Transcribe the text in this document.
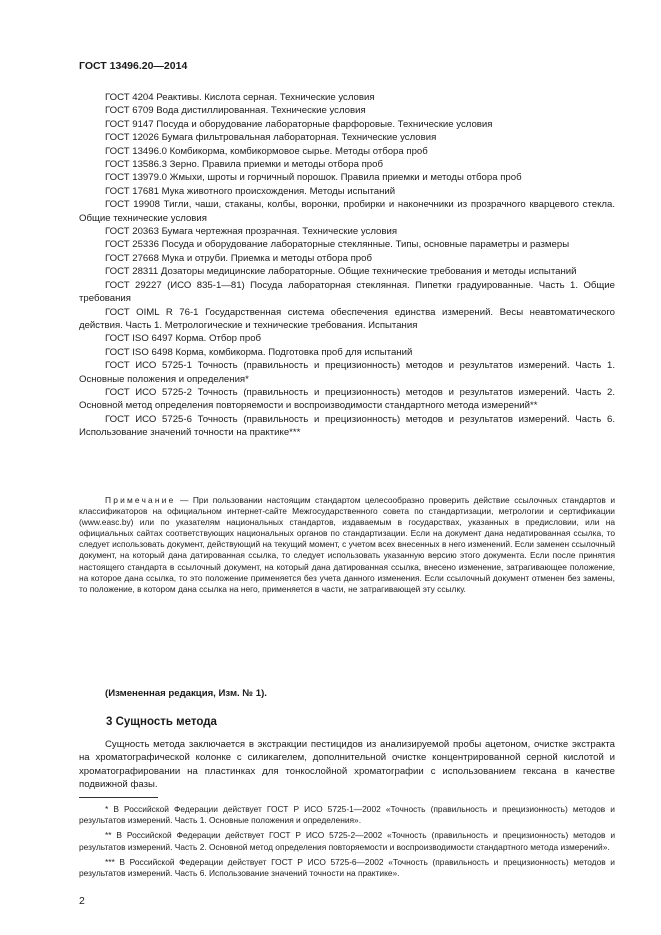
ГОСТ 13496.20—2014

ГОСТ 4204 Реактивы. Кислота серная. Технические условия

ГОСТ 6709 Вода дистиллированная. Технические условия

ГОСТ 9147 Посуда и оборудование лабораторные фарфоровые. Технические условия

ГОСТ 12026 Бумага фильтровальная лабораторная. Технические условия

ГОСТ 13496.0 Комбикорма, комбикормовое сырье. Методы отбора проб

ГОСТ 13586.3 Зерно. Правила приемки и методы отбора проб

ГОСТ 13979.0 Жмыхи, шроты и горчичный порошок. Правила приемки и методы отбора проб

ГОСТ 17681 Мука животного происхождения. Методы испытаний

ГОСТ 19908 Тигли, чаши, стаканы, колбы, воронки, пробирки и наконечники из прозрачного кварцевого стекла. Общие технические условия

ГОСТ 20363 Бумага чертежная прозрачная. Технические условия

ГОСТ 25336 Посуда и оборудование лабораторные стеклянные. Типы, основные параметры и размеры

ГОСТ 27668 Мука и отруби. Приемка и методы отбора проб

ГОСТ 28311 Дозаторы медицинские лабораторные. Общие технические требования и методы испытаний

ГОСТ 29227 (ИСО 835-1—81) Посуда лабораторная стеклянная. Пипетки градуированные. Часть 1. Общие требования

ГОСТ OIML R 76-1 Государственная система обеспечения единства измерений. Весы неавтоматического действия. Часть 1. Метрологические и технические требования. Испытания

ГОСТ ISO 6497 Корма. Отбор проб

ГОСТ ISO 6498 Корма, комбикорма. Подготовка проб для испытаний

ГОСТ ИСО 5725-1 Точность (правильность и прецизионность) методов и результатов измерений. Часть 1. Основные положения и определения*

ГОСТ ИСО 5725-2 Точность (правильность и прецизионность) методов и результатов измерений. Часть 2. Основной метод определения повторяемости и воспроизводимости стандартного метода измерений**

ГОСТ ИСО 5725-6 Точность (правильность и прецизионность) методов и результатов измерений. Часть 6. Использование значений точности на практике***

Примечание — При пользовании настоящим стандартом целесообразно проверить действие ссылочных стандартов и классификаторов на официальном интернет-сайте Межгосударственного совета по стандартизации, метрологии и сертификации (www.easc.by) или по указателям национальных стандартов, издаваемым в государствах, указанных в предисловии, или на официальных сайтах соответствующих национальных органов по стандартизации. Если на документ дана недатированная ссылка, то следует использовать документ, действующий на текущий момент, с учетом всех внесенных в него изменений. Если заменен ссылочный документ, на который дана датированная ссылка, то следует использовать указанную версию этого документа. Если после принятия настоящего стандарта в ссылочный документ, на который дана датированная ссылка, внесено изменение, затрагивающее положение, на которое дана ссылка, то это положение применяется без учета данного изменения. Если ссылочный документ отменен без замены, то положение, в котором дана ссылка на него, применяется в части, не затрагивающей эту ссылку.

(Измененная редакция, Изм. № 1).
3 Сущность метода

Сущность метода заключается в экстракции пестицидов из анализируемой пробы ацетоном, очистке экстракта на хроматографической колонке с силикагелем, дополнительной очистке концентрированной серной кислотой и хроматографировании на пластинках для тонкослойной хроматографии с использованием гексана в качестве подвижной фазы.

* В Российской Федерации действует ГОСТ Р ИСО 5725-1—2002 «Точность (правильность и прецизионность) методов и результатов измерений. Часть 1. Основные положения и определения».

** В Российской Федерации действует ГОСТ Р ИСО 5725-2—2002 «Точность (правильность и прецизионность) методов и результатов измерений. Часть 2. Основной метод определения повторяемости и воспроизводимости стандартного метода измерений».

*** В Российской Федерации действует ГОСТ Р ИСО 5725-6—2002 «Точность (правильность и прецизионность) методов и результатов измерений. Часть 6. Использование значений точности на практике».

2
